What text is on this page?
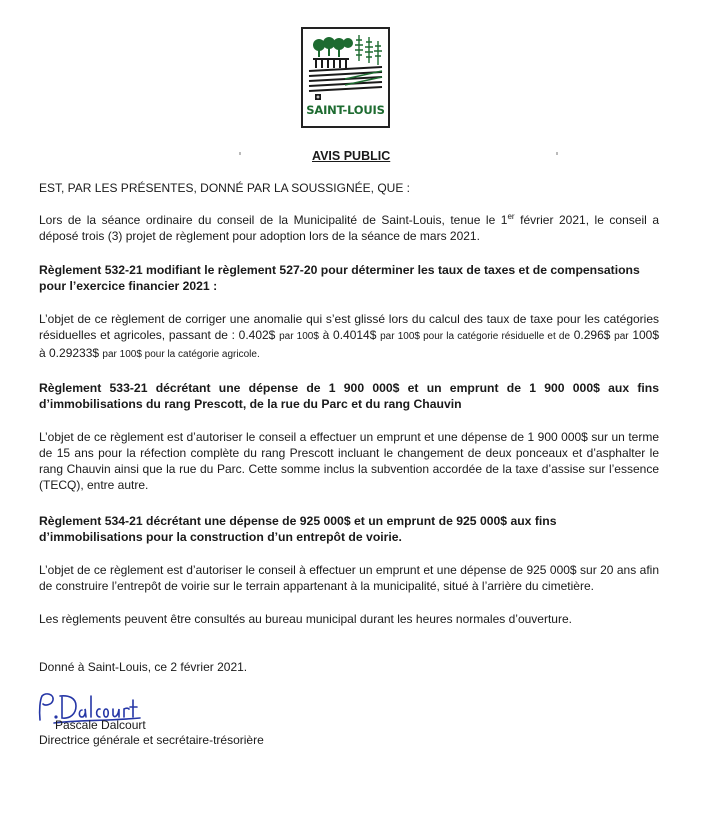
SAINT-LOUIS
AVIS PUBLIC
EST, PAR LES PRÉSENTES, DONNÉ PAR LA SOUSSIGNÉE, QUE :
Lors de la séance ordinaire du conseil de la Municipalité de Saint-Louis, tenue le 1er février 2021, le conseil a déposé trois (3) projet de règlement pour adoption lors de la séance de mars 2021.
Règlement 532-21 modifiant le règlement 527-20 pour déterminer les taux de taxes et de compensations pour l’exercice financier 2021 :
L’objet de ce règlement de corriger une anomalie qui s’est glissé lors du calcul des taux de taxe pour les catégories résiduelles et agricoles, passant de : 0.402$ par 100$ à 0.4014$ par 100$ pour la catégorie résiduelle et de 0.296$ par 100$ à 0.29233$ par 100$ pour la catégorie agricole.
Règlement 533-21 décrétant une dépense de 1 900 000$ et un emprunt de 1 900 000$ aux fins d’immobilisations du rang Prescott, de la rue du Parc et du rang Chauvin
L’objet de ce règlement est d’autoriser le conseil a effectuer un emprunt et une dépense de 1 900 000$ sur un terme de 15 ans pour la réfection complète du rang Prescott incluant le changement de deux ponceaux et d’asphalter le rang Chauvin ainsi que la rue du Parc. Cette somme inclus la subvention accordée de la taxe d’assise sur l’essence (TECQ), entre autre.
Règlement 534-21 décrétant une dépense de 925 000$ et un emprunt de 925 000$ aux fins d’immobilisations pour la construction d’un entrepôt de voirie.
L’objet de ce règlement est d’autoriser le conseil à effectuer un emprunt et une dépense de 925 000$ sur 20 ans afin de construire l’entrepôt de voirie sur le terrain appartenant à la municipalité, situé à l’arrière du cimetière.
Les règlements peuvent être consultés au bureau municipal durant les heures normales d’ouverture.
Donné à Saint-Louis, ce 2 février 2021.
Pascale Dalcourt
Directrice générale et secrétaire-trésorière
